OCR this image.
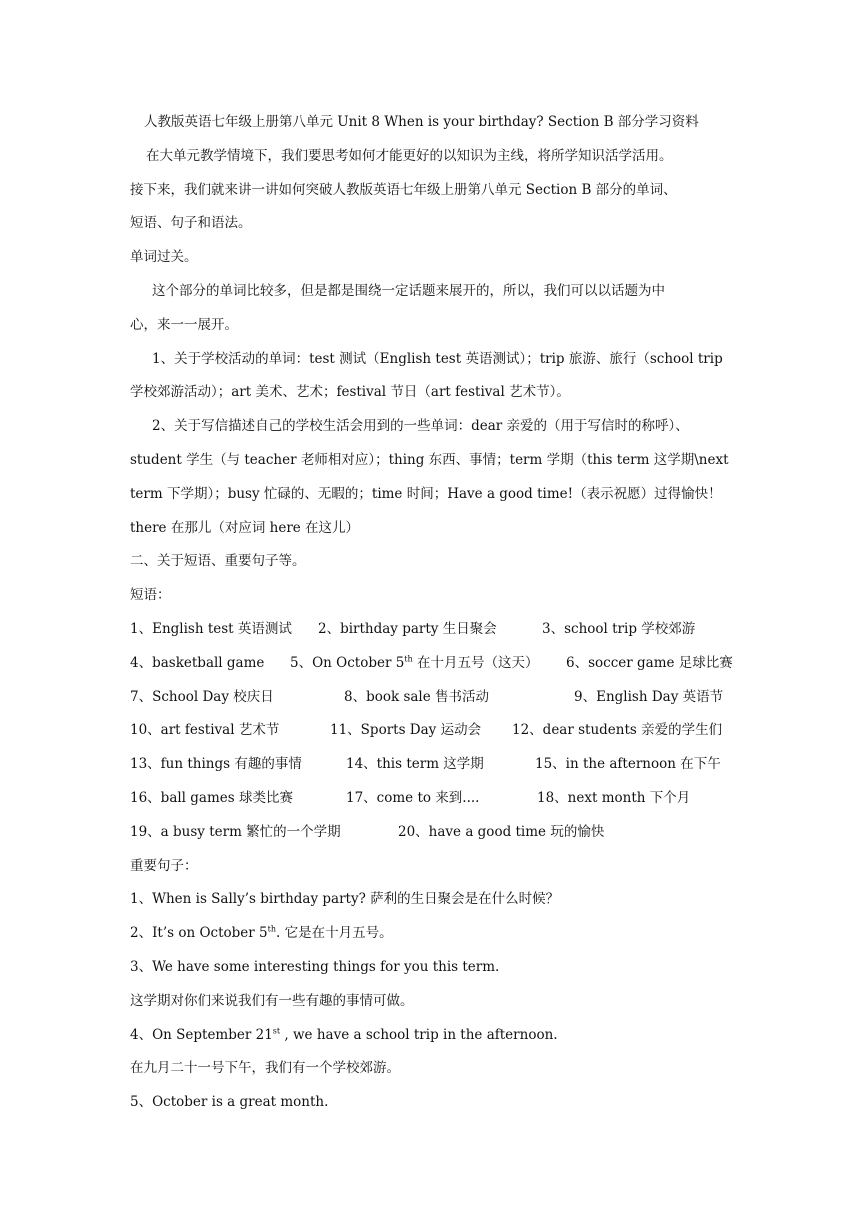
人教版英语七年级上册第八单元 Unit 8 When is your birthday? Section B 部分学习资料
在大单元教学情境下，我们要思考如何才能更好的以知识为主线，将所学知识活学活用。
接下来，我们就来讲一讲如何突破人教版英语七年级上册第八单元 Section B 部分的单词、
短语、句子和语法。
单词过关。
这个部分的单词比较多，但是都是围绕一定话题来展开的，所以，我们可以以话题为中
心，来一一展开。
1、关于学校活动的单词：test 测试（English test 英语测试）；trip 旅游、旅行（school trip
学校郊游活动）；art 美术、艺术；festival 节日（art festival 艺术节）。
2、关于写信描述自己的学校生活会用到的一些单词：dear 亲爱的（用于写信时的称呼）、
student 学生（与 teacher 老师相对应）；thing 东西、事情；term 学期（this term 这学期\next
term 下学期）；busy 忙碌的、无暇的；time 时间；Have a good time!（表示祝愿）过得愉快！
there 在那儿（对应词 here 在这儿）
二、关于短语、重要句子等。
短语：
1、English test 英语测试	2、birthday party 生日聚会	3、school trip 学校郊游
4、basketball game	5、On October 5th 在十月五号（这天）	6、soccer game 足球比赛
7、School Day 校庆日	8、book sale 售书活动	9、English Day 英语节
10、art festival 艺术节	11、Sports Day 运动会	12、dear students 亲爱的学生们
13、fun things 有趣的事情	14、this term 这学期	15、in the afternoon 在下午
16、ball games 球类比赛	17、come to 来到....	18、next month 下个月
19、a busy term 繁忙的一个学期	20、have a good time 玩的愉快
重要句子：
1、When is Sally’s birthday party? 萨利的生日聚会是在什么时候？
2、It’s on October 5th. 它是在十月五号。
3、We have some interesting things for you this term.
这学期对你们来说我们有一些有趣的事情可做。
4、On September 21st , we have a school trip in the afternoon.
在九月二十一号下午，我们有一个学校郊游。
5、October is a great month.
